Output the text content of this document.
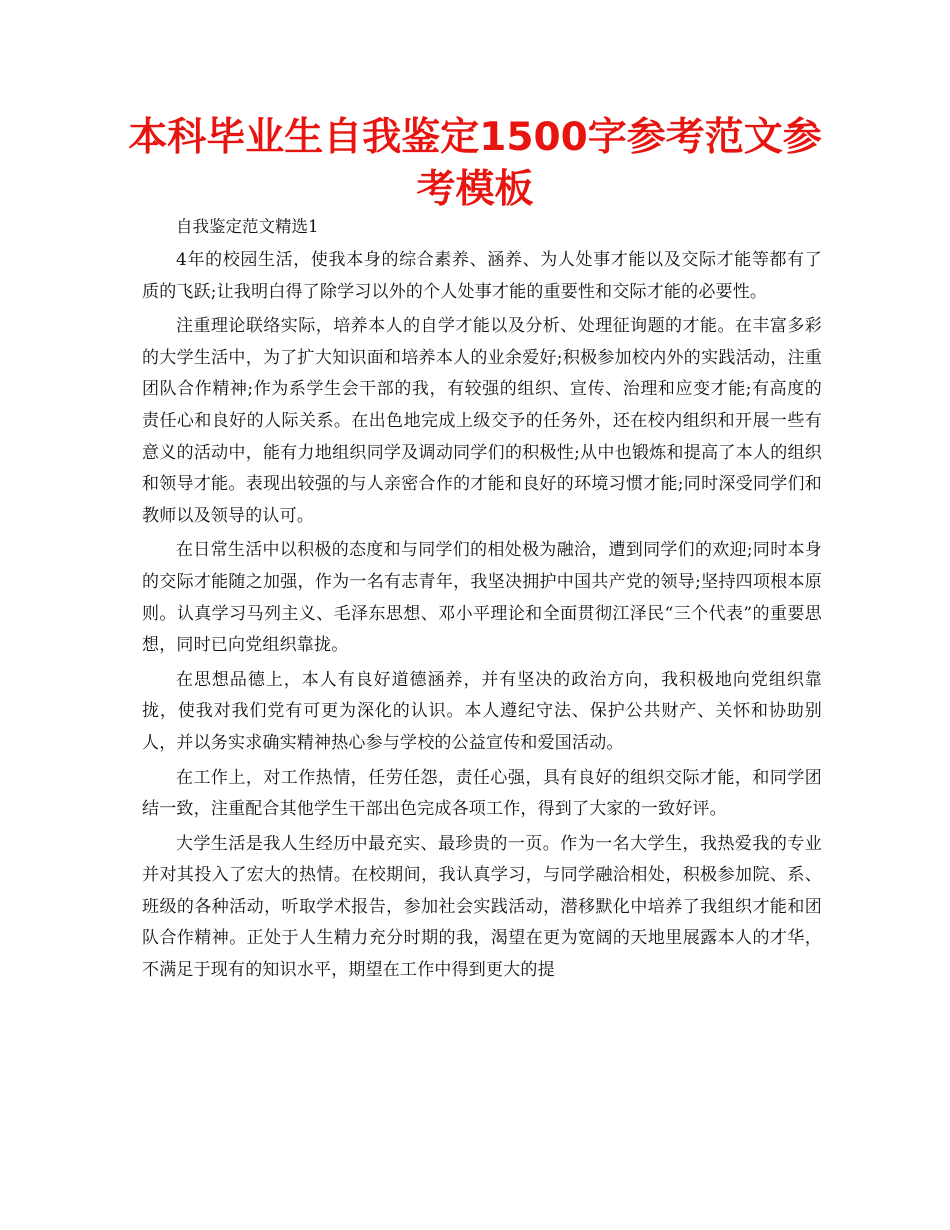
本科毕业生自我鉴定1500字参考范文参考模板

自我鉴定范文精选1

4年的校园生活，使我本身的综合素养、涵养、为人处事才能以及交际才能等都有了质的飞跃;让我明白得了除学习以外的个人处事才能的重要性和交际才能的必要性。

注重理论联络实际，培养本人的自学才能以及分析、处理征询题的才能。在丰富多彩的大学生活中，为了扩大知识面和培养本人的业余爱好;积极参加校内外的实践活动，注重团队合作精神;作为系学生会干部的我，有较强的组织、宣传、治理和应变才能;有高度的责任心和良好的人际关系。在出色地完成上级交予的任务外，还在校内组织和开展一些有意义的活动中，能有力地组织同学及调动同学们的积极性;从中也锻炼和提高了本人的组织和领导才能。表现出较强的与人亲密合作的才能和良好的环境习惯才能;同时深受同学们和教师以及领导的认可。

在日常生活中以积极的态度和与同学们的相处极为融洽，遭到同学们的欢迎;同时本身的交际才能随之加强，作为一名有志青年，我坚决拥护中国共产党的领导;坚持四项根本原则。认真学习马列主义、毛泽东思想、邓小平理论和全面贯彻江泽民“三个代表”的重要思想，同时已向党组织靠拢。

在思想品德上，本人有良好道德涵养，并有坚决的政治方向，我积极地向党组织靠拢，使我对我们党有可更为深化的认识。本人遵纪守法、保护公共财产、关怀和协助别人，并以务实求确实精神热心参与学校的公益宣传和爱国活动。

在工作上，对工作热情，任劳任怨，责任心强，具有良好的组织交际才能，和同学团结一致，注重配合其他学生干部出色完成各项工作，得到了大家的一致好评。

大学生活是我人生经历中最充实、最珍贵的一页。作为一名大学生，我热爱我的专业并对其投入了宏大的热情。在校期间，我认真学习，与同学融洽相处，积极参加院、系、班级的各种活动，听取学术报告，参加社会实践活动，潜移默化中培养了我组织才能和团队合作精神。正处于人生精力充分时期的我，渴望在更为宽阔的天地里展露本人的才华，不满足于现有的知识水平，期望在工作中得到更大的提
